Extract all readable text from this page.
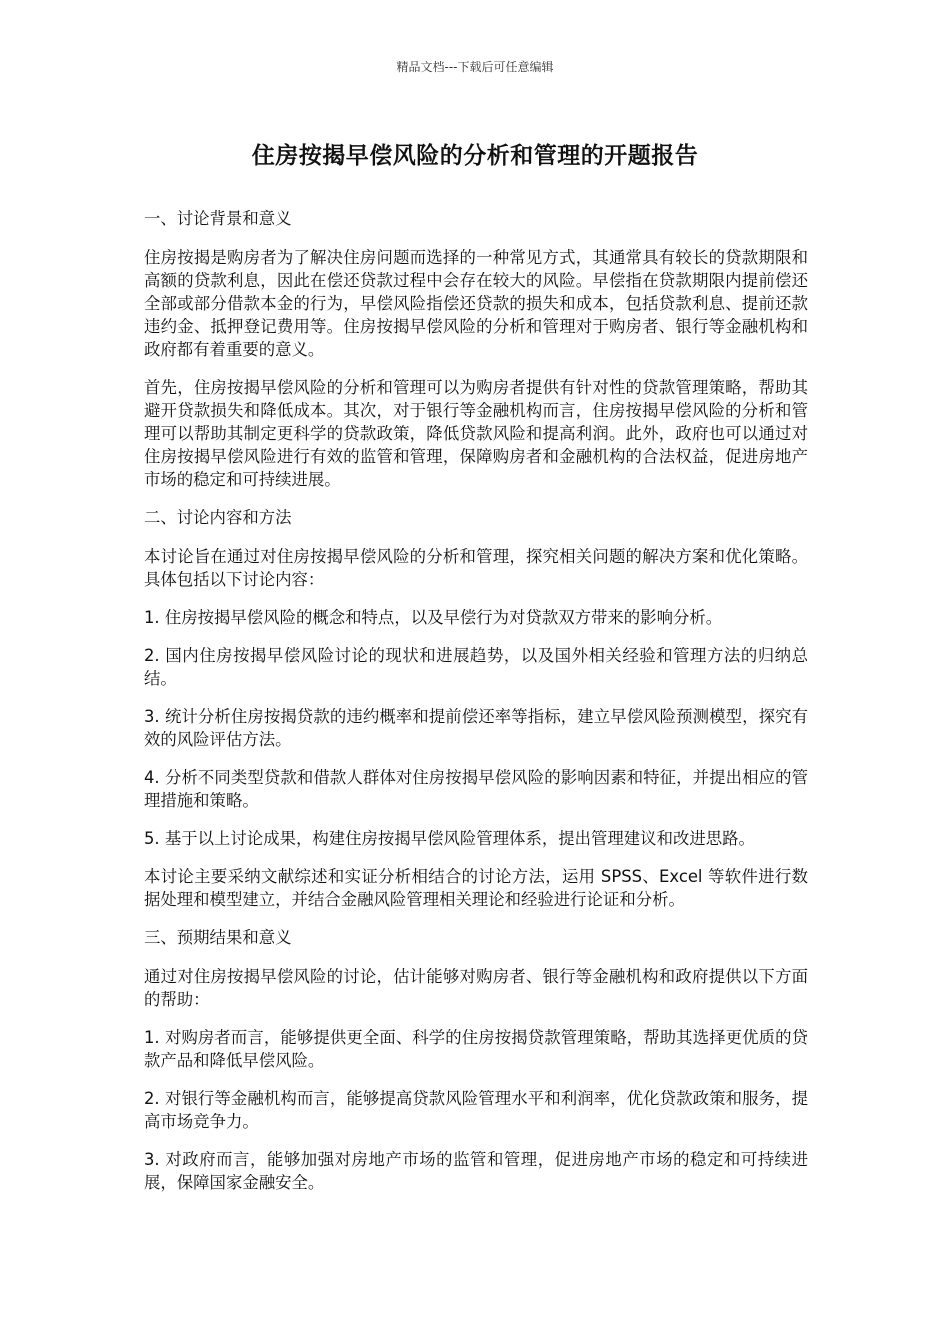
精品文档---下载后可任意编辑
住房按揭早偿风险的分析和管理的开题报告

一、讨论背景和意义

住房按揭是购房者为了解决住房问题而选择的一种常见方式，其通常具有较长的贷款期限和高额的贷款利息，因此在偿还贷款过程中会存在较大的风险。早偿指在贷款期限内提前偿还全部或部分借款本金的行为，早偿风险指偿还贷款的损失和成本，包括贷款利息、提前还款违约金、抵押登记费用等。住房按揭早偿风险的分析和管理对于购房者、银行等金融机构和政府都有着重要的意义。

首先，住房按揭早偿风险的分析和管理可以为购房者提供有针对性的贷款管理策略，帮助其避开贷款损失和降低成本。其次，对于银行等金融机构而言，住房按揭早偿风险的分析和管理可以帮助其制定更科学的贷款政策，降低贷款风险和提高利润。此外，政府也可以通过对住房按揭早偿风险进行有效的监管和管理，保障购房者和金融机构的合法权益，促进房地产市场的稳定和可持续进展。

二、讨论内容和方法

本讨论旨在通过对住房按揭早偿风险的分析和管理，探究相关问题的解决方案和优化策略。具体包括以下讨论内容：

1. 住房按揭早偿风险的概念和特点，以及早偿行为对贷款双方带来的影响分析。

2. 国内住房按揭早偿风险讨论的现状和进展趋势，以及国外相关经验和管理方法的归纳总结。

3. 统计分析住房按揭贷款的违约概率和提前偿还率等指标，建立早偿风险预测模型，探究有效的风险评估方法。

4. 分析不同类型贷款和借款人群体对住房按揭早偿风险的影响因素和特征，并提出相应的管理措施和策略。

5. 基于以上讨论成果，构建住房按揭早偿风险管理体系，提出管理建议和改进思路。

本讨论主要采纳文献综述和实证分析相结合的讨论方法，运用 SPSS、Excel 等软件进行数据处理和模型建立，并结合金融风险管理相关理论和经验进行论证和分析。

三、预期结果和意义

通过对住房按揭早偿风险的讨论，估计能够对购房者、银行等金融机构和政府提供以下方面的帮助：

1. 对购房者而言，能够提供更全面、科学的住房按揭贷款管理策略，帮助其选择更优质的贷款产品和降低早偿风险。

2. 对银行等金融机构而言，能够提高贷款风险管理水平和利润率，优化贷款政策和服务，提高市场竞争力。

3. 对政府而言，能够加强对房地产市场的监管和管理，促进房地产市场的稳定和可持续进展，保障国家金融安全。
